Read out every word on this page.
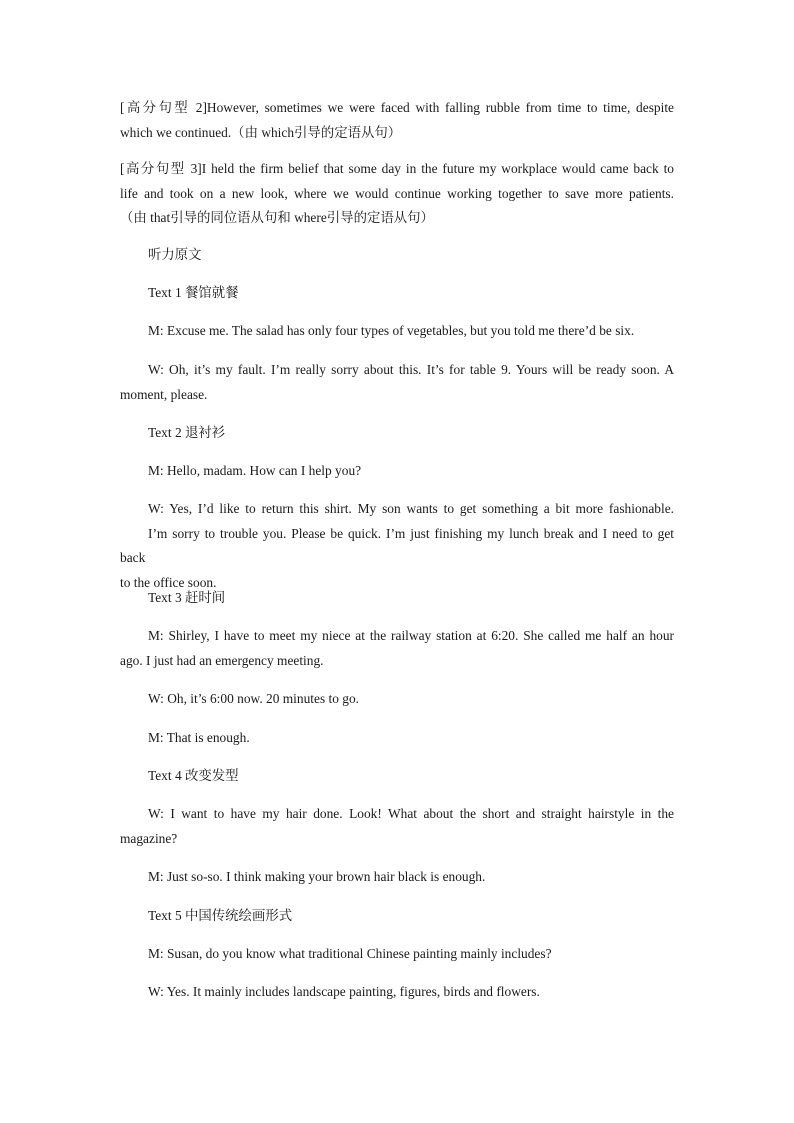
[高分句型 2]However, sometimes we were faced with falling rubble from time to time, despite
which we continued.（由 which引导的定语从句）
[高分句型 3]I held the firm belief that some day in the future my workplace would came back to
life and took on a new look, where we would continue working together to save more patients.
（由 that引导的同位语从句和 where引导的定语从句）
听力原文
Text 1 餐馆就餐
M: Excuse me. The salad has only four types of vegetables, but you told me there’d be six.
W: Oh, it’s my fault. I’m really sorry about this. It’s for table 9. Yours will be ready soon. A
moment, please.
Text 2 退衬衫
M: Hello, madam. How can I help you?
W: Yes, I’d like to return this shirt. My son wants to get something a bit more fashionable.
I’m sorry to trouble you. Please be quick. I’m just finishing my lunch break and I need to get back
to the office soon.
Text 3 赶时间
M: Shirley, I have to meet my niece at the railway station at 6:20. She called me half an hour
ago. I just had an emergency meeting.
W: Oh, it’s 6:00 now. 20 minutes to go.
M: That is enough.
Text 4 改变发型
W: I want to have my hair done. Look! What about the short and straight hairstyle in the
magazine?
M: Just so-so. I think making your brown hair black is enough.
Text 5 中国传统绘画形式
M: Susan, do you know what traditional Chinese painting mainly includes?
W: Yes. It mainly includes landscape painting, figures, birds and flowers.
